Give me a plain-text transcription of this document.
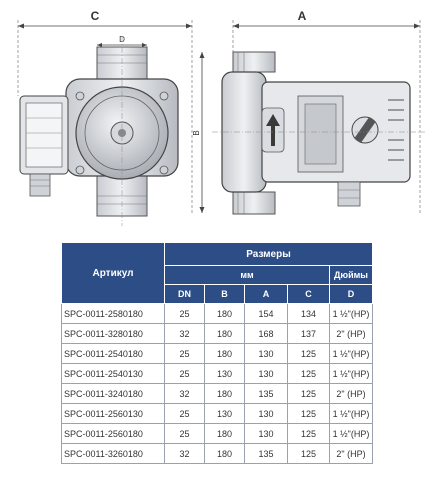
C
D
A
B
Артикул	Размеры				
	мм				Дюймы
	DN	B	A	C	D
SPC-0011-2580180	25	180	154	134	1 ½"(HP)
SPC-0011-3280180	32	180	168	137	2" (HP)
SPC-0011-2540180	25	180	130	125	1 ½"(HP)
SPC-0011-2540130	25	130	130	125	1 ½"(HP)
SPC-0011-3240180	32	180	135	125	2" (HP)
SPC-0011-2560130	25	130	130	125	1 ½"(HP)
SPC-0011-2560180	25	180	130	125	1 ½"(HP)
SPC-0011-3260180	32	180	135	125	2" (HP)
